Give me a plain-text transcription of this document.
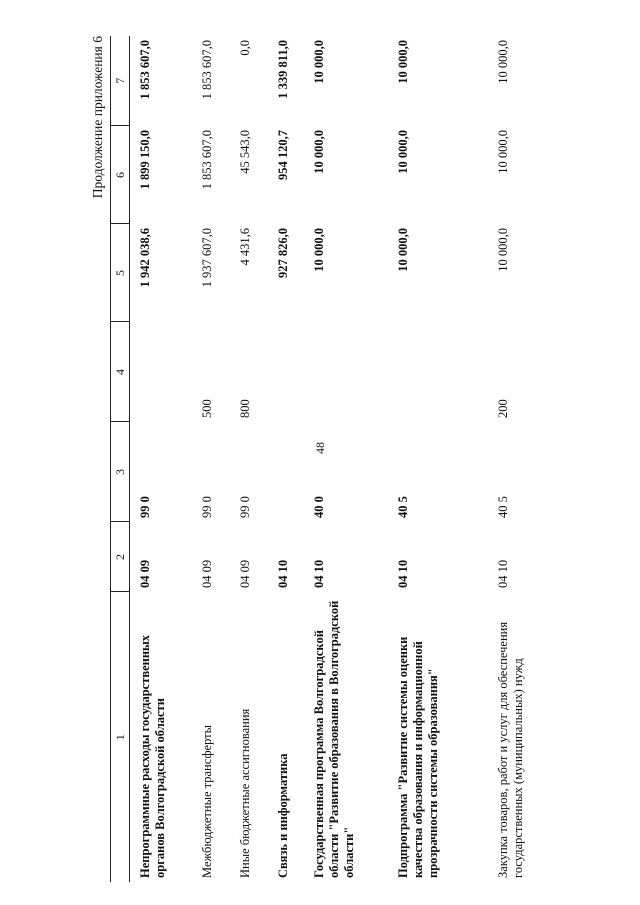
48
Продолжение приложения 6
1	2	3	4	5	6	7
Непрограммные расходы государственных органов Волгоградской области	04 09	99 0		1 942 038,6	1 899 150,0	1 853 607,0
Межбюджетные трансферты	04 09	99 0	500	1 937 607,0	1 853 607,0	1 853 607,0
Иные бюджетные ассигнования	04 09	99 0	800	4 431,6	45 543,0	0,0
Связь и информатика	04 10			927 826,0	954 120,7	1 339 811,0
Государственная программа Волгоградской области "Развитие образования в Волгоградской области"	04 10	40 0		10 000,0	10 000,0	10 000,0
Подпрограмма "Развитие системы оценки качества образования и информационной прозрачности системы образования"	04 10	40 5		10 000,0	10 000,0	10 000,0
Закупка товаров, работ и услуг для обеспечения государственных (муниципальных) нужд	04 10	40 5	200	10 000,0	10 000,0	10 000,0
